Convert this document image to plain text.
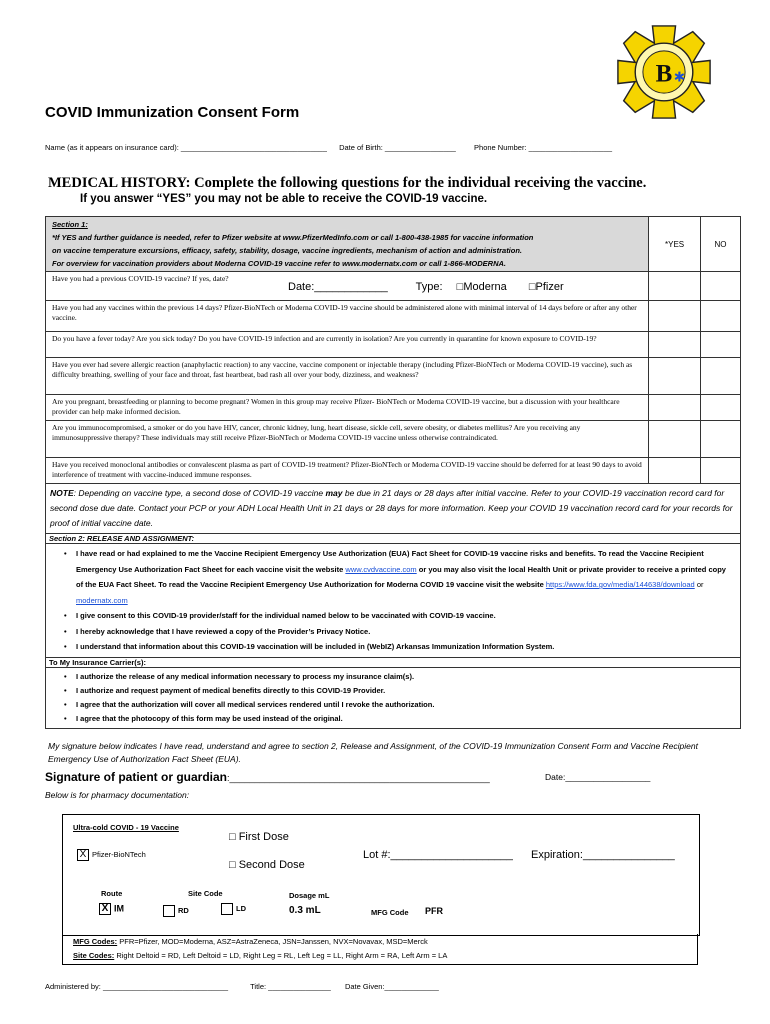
B ✱
COVID Immunization Consent Form
Name (as it appears on insurance card): ___________________________________ Date of Birth: _________________ Phone Number: ____________________
MEDICAL HISTORY: Complete the following questions for the individual receiving the vaccine.
If you answer “YES” you may not be able to receive the COVID-19 vaccine.
Section 1:
*If YES and further guidance is needed, refer to Pfizer website at www.PfizerMedInfo.com or call 1-800-438-1985 for vaccine information
on vaccine temperature excursions, efficacy, safety, stability, dosage, vaccine ingredients, mechanism of action and administration.
For overview for vaccination providers about Moderna COVID-19 vaccine refer to www.modernatx.com or call 1-866-MODERNA.	*YES	NO

Have you had a previous COVID-19 vaccine? If yes, date?
Date:____________ Type: □Moderna □Pfizer		

Have you had any vaccines within the previous 14 days? Pfizer-BioNTech or Moderna COVID-19 vaccine should be administered alone with minimal interval of 14 days before or after any other vaccine.		
Do you have a fever today? Are you sick today? Do you have COVID-19 infection and are currently in isolation? Are you currently in quarantine for known exposure to COVID-19?		
Have you ever had severe allergic reaction (anaphylactic reaction) to any vaccine, vaccine component or injectable therapy (including Pfizer-BioNTech or Moderna COVID-19 vaccine), such as difficulty breathing, swelling of your face and throat, fast heartbeat, bad rash all over your body, dizziness, and weakness?		
Are you pregnant, breastfeeding or planning to become pregnant? Women in this group may receive Pfizer- BioNTech or Moderna COVID-19 vaccine, but a discussion with your healthcare provider can help make informed decision.		
Are you immunocompromised, a smoker or do you have HIV, cancer, chronic kidney, lung, heart disease, sickle cell, severe obesity, or diabetes mellitus? Are you receiving any immunosuppressive therapy? These individuals may still receive Pfizer-BioNTech or Moderna COVID-19 vaccine unless otherwise contraindicated.		
Have you received monoclonal antibodies or convalescent plasma as part of COVID-19 treatment? Pfizer-BioNTech or Moderna COVID-19 vaccine should be deferred for at least 90 days to avoid interference of treatment with vaccine-induced immune responses.		
NOTE: Depending on vaccine type, a second dose of COVID-19 vaccine may be due in 21 days or 28 days after initial vaccine. Refer to your COVID-19 vaccination record card for second dose due date. Contact your PCP or your ADH Local Health Unit in 21 days or 28 days for more information. Keep your COVID 19 vaccination record card for your records for proof of initial vaccine date.		
Section 2: RELEASE AND ASSIGNMENT:		

• I have read or had explained to me the Vaccine Recipient Emergency Use Authorization (EUA) Fact Sheet for COVID-19 vaccine risks and benefits. To read the Vaccine Recipient Emergency Use Authorization Fact Sheet for each vaccine visit the website www.cvdvaccine.com or you may also visit the local Health Unit or private provider to receive a printed copy of the EUA Fact Sheet. To read the Vaccine Recipient Emergency Use Authorization for Moderna COVID 19 vaccine visit the website https://www.fda.gov/media/144638/download or modernatx.com
• I give consent to this COVID-19 provider/staff for the individual named below to be vaccinated with COVID-19 vaccine.
• I hereby acknowledge that I have reviewed a copy of the Provider’s Privacy Notice.
• I understand that information about this COVID-19 vaccination will be included in (WebIZ) Arkansas Immunization Information System.

To My Insurance Carrier(s):		

• I authorize the release of any medical information necessary to process my insurance claim(s).
• I authorize and request payment of medical benefits directly to this COVID-19 Provider.
• I agree that the authorization will cover all medical services rendered until I revoke the authorization.
• I agree that the photocopy of this form may be used instead of the original.
My signature below indicates I have read, understand and agree to section 2, Release and Assignment, of the COVID-19 Immunization Consent Form and Vaccine Recipient Emergency Use of Authorization Fact Sheet (EUA).
Signature of patient or guardian:____________________________________________________	Date:__________________
Below is for pharmacy documentation:
Ultra-cold COVID - 19 Vaccine
□ First Dose
□ Second Dose
X Pfizer-BioNTech	Lot #:____________________ Expiration:_______________
Route
X IM
Site Code
RD	LD
Dosage mL
0.3 mL	MFG Code PFR
MFG Codes: PFR=Pfizer, MOD=Moderna, ASZ=AstraZeneca, JSN=Janssen, NVX=Novavax, MSD=Merck
Site Codes: Right Deltoid = RD, Left Deltoid = LD, Right Leg = RL, Left Leg = LL, Right Arm = RA, Left Arm = LA
Administered by: ______________________________	Title: _______________ Date Given:_____________
